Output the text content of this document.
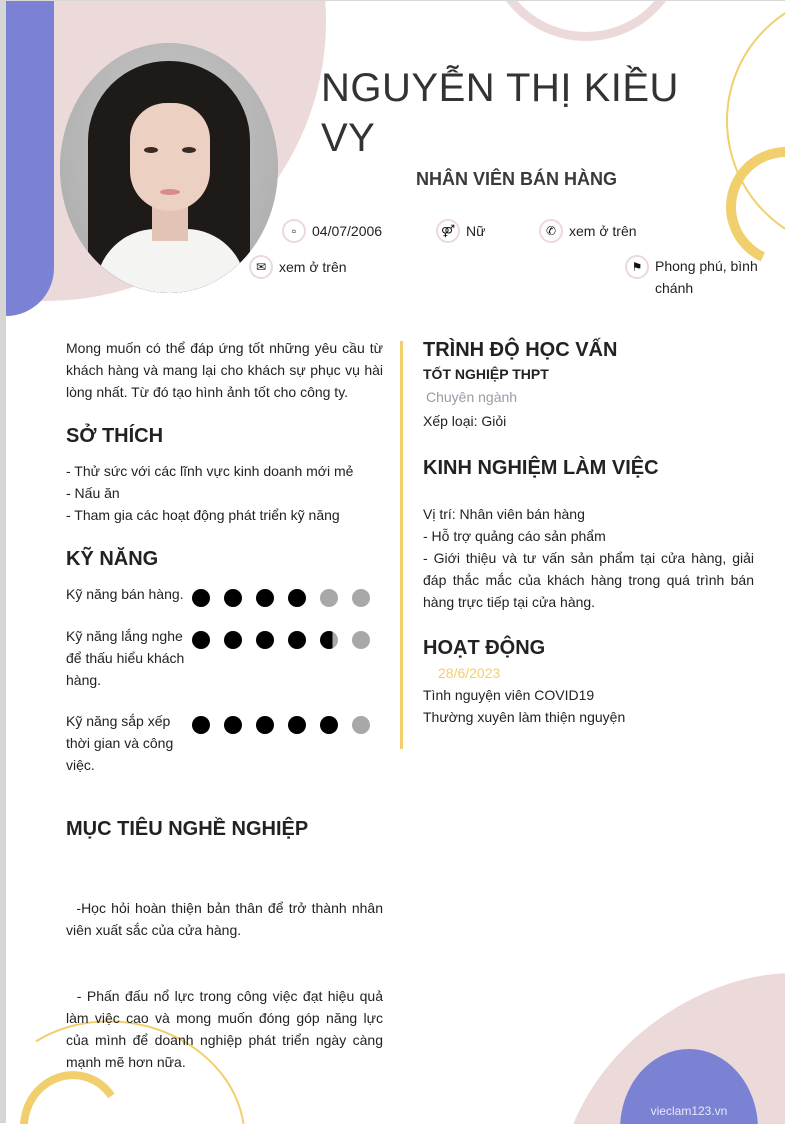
vieclam123.vn
NGUYỄN THỊ KIỀU VY
NHÂN VIÊN BÁN HÀNG
▫	04/07/2006	⚤ Nữ	✆ xem ở trên
✉ xem ở trên	⚑ Phong phú, bình chánh
Mong muốn có thể đáp ứng tốt những yêu cầu từ khách hàng và mang lại cho khách sự phục vụ hài lòng nhất. Từ đó tạo hình ảnh tốt cho công ty.
SỞ THÍCH
- Thử sức với các lĩnh vực kinh doanh mới mẻ
- Nấu ăn
- Tham gia các hoạt động phát triển kỹ năng
KỸ NĂNG
Kỹ năng bán hàng.
Kỹ năng lắng nghe để thấu hiểu khách hàng.
Kỹ năng sắp xếp thời gian và công việc.
MỤC TIÊU NGHỀ NGHIỆP

-Học hỏi hoàn thiện bản thân để trở thành nhân viên xuất sắc của cửa hàng.

- Phấn đấu nổ lực trong công việc đạt hiệu quả làm việc cao và mong muốn đóng góp năng lực của mình để doanh nghiệp phát triển ngày càng mạnh mẽ hơn nữa.

TRÌNH ĐỘ HỌC VẤN
TỐT NGHIỆP THPT
Chuyên ngành
Xếp loại: Giỏi
KINH NGHIỆM LÀM VIỆC
Vị trí: Nhân viên bán hàng
- Hỗ trợ quảng cáo sản phẩm
- Giới thiệu và tư vấn sản phẩm tại cửa hàng, giải đáp thắc mắc của khách hàng trong quá trình bán hàng trực tiếp tại cửa hàng.
HOẠT ĐỘNG
28/6/2023
Tình nguyện viên COVID19
Thường xuyên làm thiện nguyện
